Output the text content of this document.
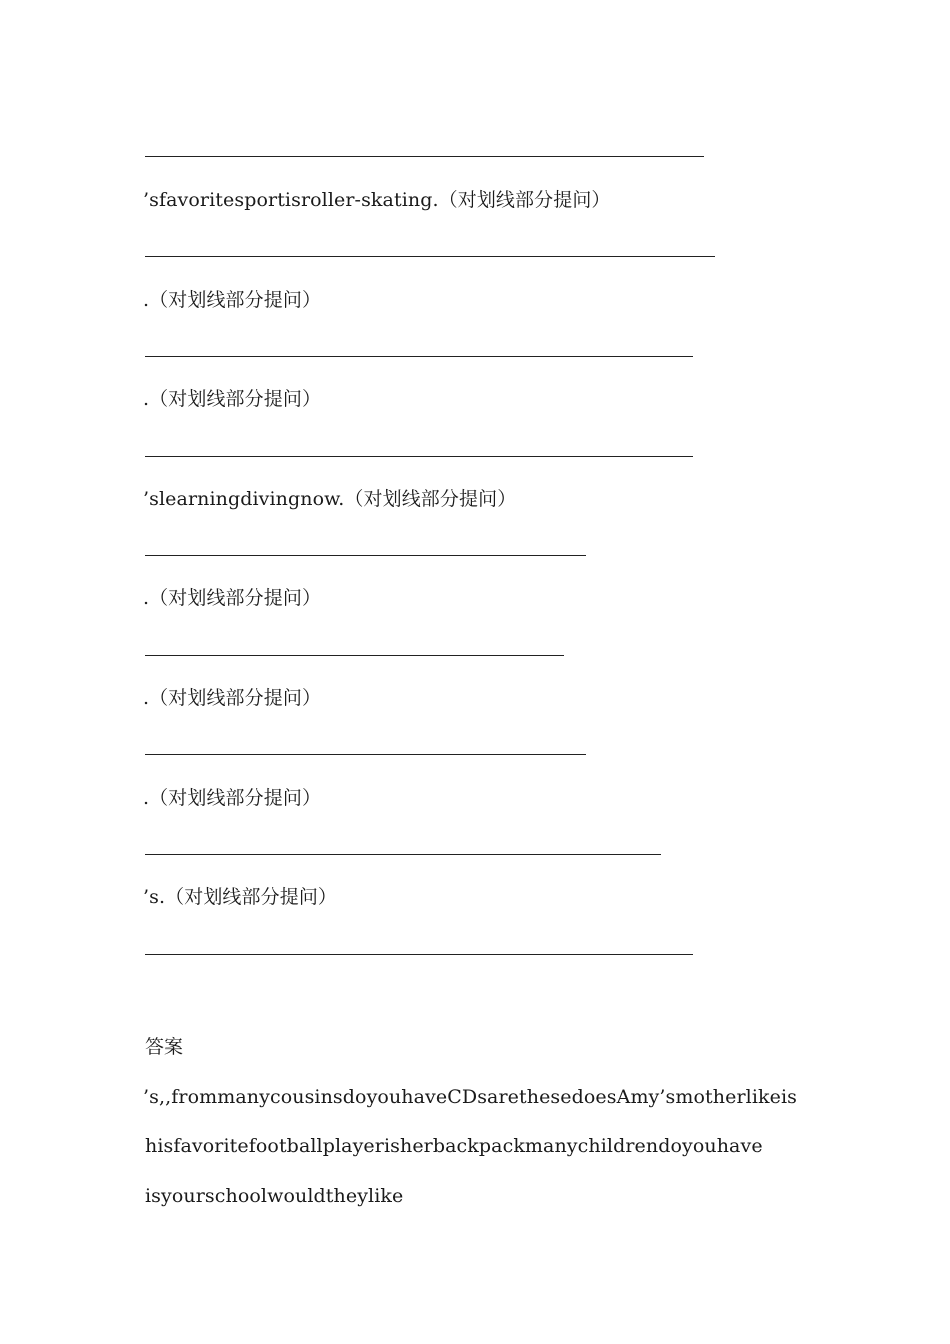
’sfavoritesportisroller-skating.（对划线部分提问）
.（对划线部分提问）
.（对划线部分提问）
’slearningdivingnow.（对划线部分提问）
.（对划线部分提问）
.（对划线部分提问）
.（对划线部分提问）
’s.（对划线部分提问）
答案
’s,,frommanycousinsdoyouhaveCDsarethesedoesAmy’smotherlikeis
hisfavoritefootballplayerisherbackpackmanychildrendoyouhave
isyourschoolwouldtheylike
